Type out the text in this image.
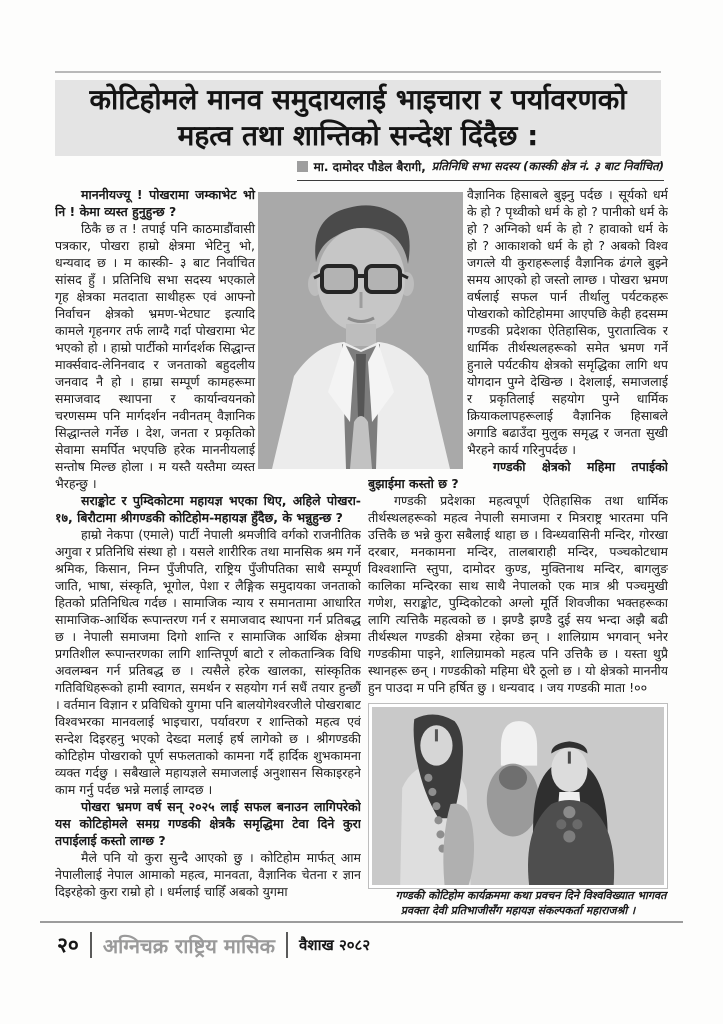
कोटिहोमले मानव समुदायलाई भाइचारा र पर्यावरणको
महत्व तथा शान्तिको सन्देश दिंदैछ :
मा. दामोदर पौडेल बैरागी, प्रतिनिधि सभा सदस्य (कास्की क्षेत्र नं. ३ बाट निर्वाचित)

माननीयज्यू ! पोखरामा जम्काभेट भो नि ! केमा व्यस्त हुनुहुन्छ ?

ठिकै छ त ! तपाई पनि काठमाडौंवासी पत्रकार, पोखरा हाम्रो क्षेत्रमा भेटिनु भो, धन्यवाद छ । म कास्की- ३ बाट निर्वाचित सांसद हुँ । प्रतिनिधि सभा सदस्य भएकाले गृह क्षेत्रका मतदाता साथीहरू एवं आफ्नो निर्वाचन क्षेत्रको भ्रमण-भेटघाट इत्यादि कामले गृहनगर तर्फ लाग्दै गर्दा पोखरामा भेट भएको हो । हाम्रो पार्टीको मार्गदर्शक सिद्धान्त मार्क्सवाद-लेनिनवाद र जनताको बहुदलीय जनवाद नै हो । हाम्रा सम्पूर्ण कामहरूमा समाजवाद स्थापना र कार्यान्वयनको चरणसम्म पनि मार्गदर्शन नवीनतम् वैज्ञानिक सिद्धान्तले गर्नेछ । देश, जनता र प्रकृतिको सेवामा समर्पित भएपछि हरेक माननीयलाई सन्तोष मिल्छ होला । म यस्तै यस्तैमा व्यस्त भैरहन्छु ।

सराङ्कोट र पुम्दिकोटमा महायज्ञ भएका थिए, अहिले पोखरा- १७, बिरौटामा श्रीगण्डकी कोटिहोम-महायज्ञ हुँदैछ, के भन्नुहुन्छ ?

हाम्रो नेकपा (एमाले) पार्टी नेपाली श्रमजीवि वर्गको राजनीतिक अगुवा र प्रतिनिधि संस्था हो । यसले शारीरिक तथा मानसिक श्रम गर्ने श्रमिक, किसान, निम्न पुँजीपति, राष्ट्रिय पुँजीपतिका साथै सम्पूर्ण जाति, भाषा, संस्कृति, भूगोल, पेशा र लैङ्गिक समुदायका जनताको हितको प्रतिनिधित्व गर्दछ । सामाजिक न्याय र समानतामा आधारित सामाजिक-आर्थिक रूपान्तरण गर्न र समाजवाद स्थापना गर्न प्रतिबद्ध छ । नेपाली समाजमा दिगो शान्ति र सामाजिक आर्थिक क्षेत्रमा प्रगतिशील रूपान्तरणका लागि शान्तिपूर्ण बाटो र लोकतान्त्रिक विधि अवलम्बन गर्न प्रतिबद्ध छ । त्यसैले हरेक खालका, सांस्कृतिक गतिविधिहरूको हामी स्वागत, समर्थन र सहयोग गर्न सधैं तयार हुन्छौं । वर्तमान विज्ञान र प्रविधिको युगमा पनि बालयोगेश्वरजीले पोखराबाट विश्वभरका मानवलाई भाइचारा, पर्यावरण र शान्तिको महत्व एवं सन्देश दिइरहनु भएको देख्दा मलाई हर्ष लागेको छ । श्रीगण्डकी कोटिहोम पोखराको पूर्ण सफलताको कामना गर्दै हार्दिक शुभकामना व्यक्त गर्दछु । सबैखाले महायज्ञले समाजलाई अनुशासन सिकाइरहने काम गर्नु पर्दछ भन्ने मलाई लाग्दछ ।

पोखरा भ्रमण वर्ष सन् २०२५ लाई सफल बनाउन लागिपरेको यस कोटिहोमले समग्र गण्डकी क्षेत्रकै समृद्धिमा टेवा दिने कुरा तपाईलाई कस्तो लाग्छ ?

मैले पनि यो कुरा सुन्दै आएको छु । कोटिहोम मार्फत् आम नेपालीलाई नेपाल आमाको महत्व, मानवता, वैज्ञानिक चेतना र ज्ञान दिइरहेको कुरा राम्रो हो । धर्मलाई चाहिँ अबको युगमा

वैज्ञानिक हिसाबले बुझ्नु पर्दछ । सूर्यको धर्म के हो ? पृथ्वीको धर्म के हो ? पानीको धर्म के हो ? अग्निको धर्म के हो ? हावाको धर्म के हो ? आकाशको धर्म के हो ? अबको विश्व जगत्ले यी कुराहरूलाई वैज्ञानिक ढंगले बुझ्ने समय आएको हो जस्तो लाग्छ । पोखरा भ्रमण वर्षलाई सफल पार्न तीर्थालु पर्यटकहरू पोखराको कोटिहोममा आएपछि केही हदसम्म गण्डकी प्रदेशका ऐतिहासिक, पुरातात्विक र धार्मिक तीर्थस्थलहरूको समेत भ्रमण गर्ने हुनाले पर्यटकीय क्षेत्रको समृद्धिका लागि थप योगदान पुग्ने देखिन्छ । देशलाई, समाजलाई र प्रकृतिलाई सहयोग पुग्ने धार्मिक क्रियाकलापहरूलाई वैज्ञानिक हिसाबले अगाडि बढाउँदा मुलुक समृद्ध र जनता सुखी भैरहने कार्य गरिनुपर्दछ ।

गण्डकी क्षेत्रको महिमा तपाईको बुझाईमा कस्तो छ ?

गण्डकी प्रदेशका महत्वपूर्ण ऐतिहासिक तथा धार्मिक तीर्थस्थलहरूको महत्व नेपाली समाजमा र मित्रराष्ट्र भारतमा पनि उत्तिकै छ भन्ने कुरा सबैलाई थाहा छ । विन्ध्यवासिनी मन्दिर, गोरखा दरबार, मनकामना मन्दिर, तालबाराही मन्दिर, पञ्चकोटधाम विश्वशान्ति स्तुपा, दामोदर कुण्ड, मुक्तिनाथ मन्दिर, बागलुङ कालिका मन्दिरका साथ साथै नेपालको एक मात्र श्री पञ्चमुखी गणेश, सराङ्कोट, पुम्दिकोटको अग्लो मूर्ति शिवजीका भक्तहरूका लागि त्यत्तिकै महत्वको छ । झण्डै झण्डै दुई सय भन्दा अझै बढी तीर्थस्थल गण्डकी क्षेत्रमा रहेका छन् । शालिग्राम भगवान् भनेर गण्डकीमा पाइने, शालिग्रामको महत्व पनि उत्तिकै छ । यस्ता थुप्रै स्थानहरू छन् । गण्डकीको महिमा धेरै ठूलो छ । यो क्षेत्रको माननीय हुन पाउदा म पनि हर्षित छु । धन्यवाद । जय गण्डकी माता !००

गण्डकी कोटिहोम कार्यक्रममा कथा प्रवचन दिने विश्वविख्यात भागवत प्रवक्ता देवी प्रतिभाजीसँग महायज्ञ संकल्पकर्ता महाराजश्री ।

२० अग्निचक्र राष्ट्रिय मासिक वैशाख २०८२
